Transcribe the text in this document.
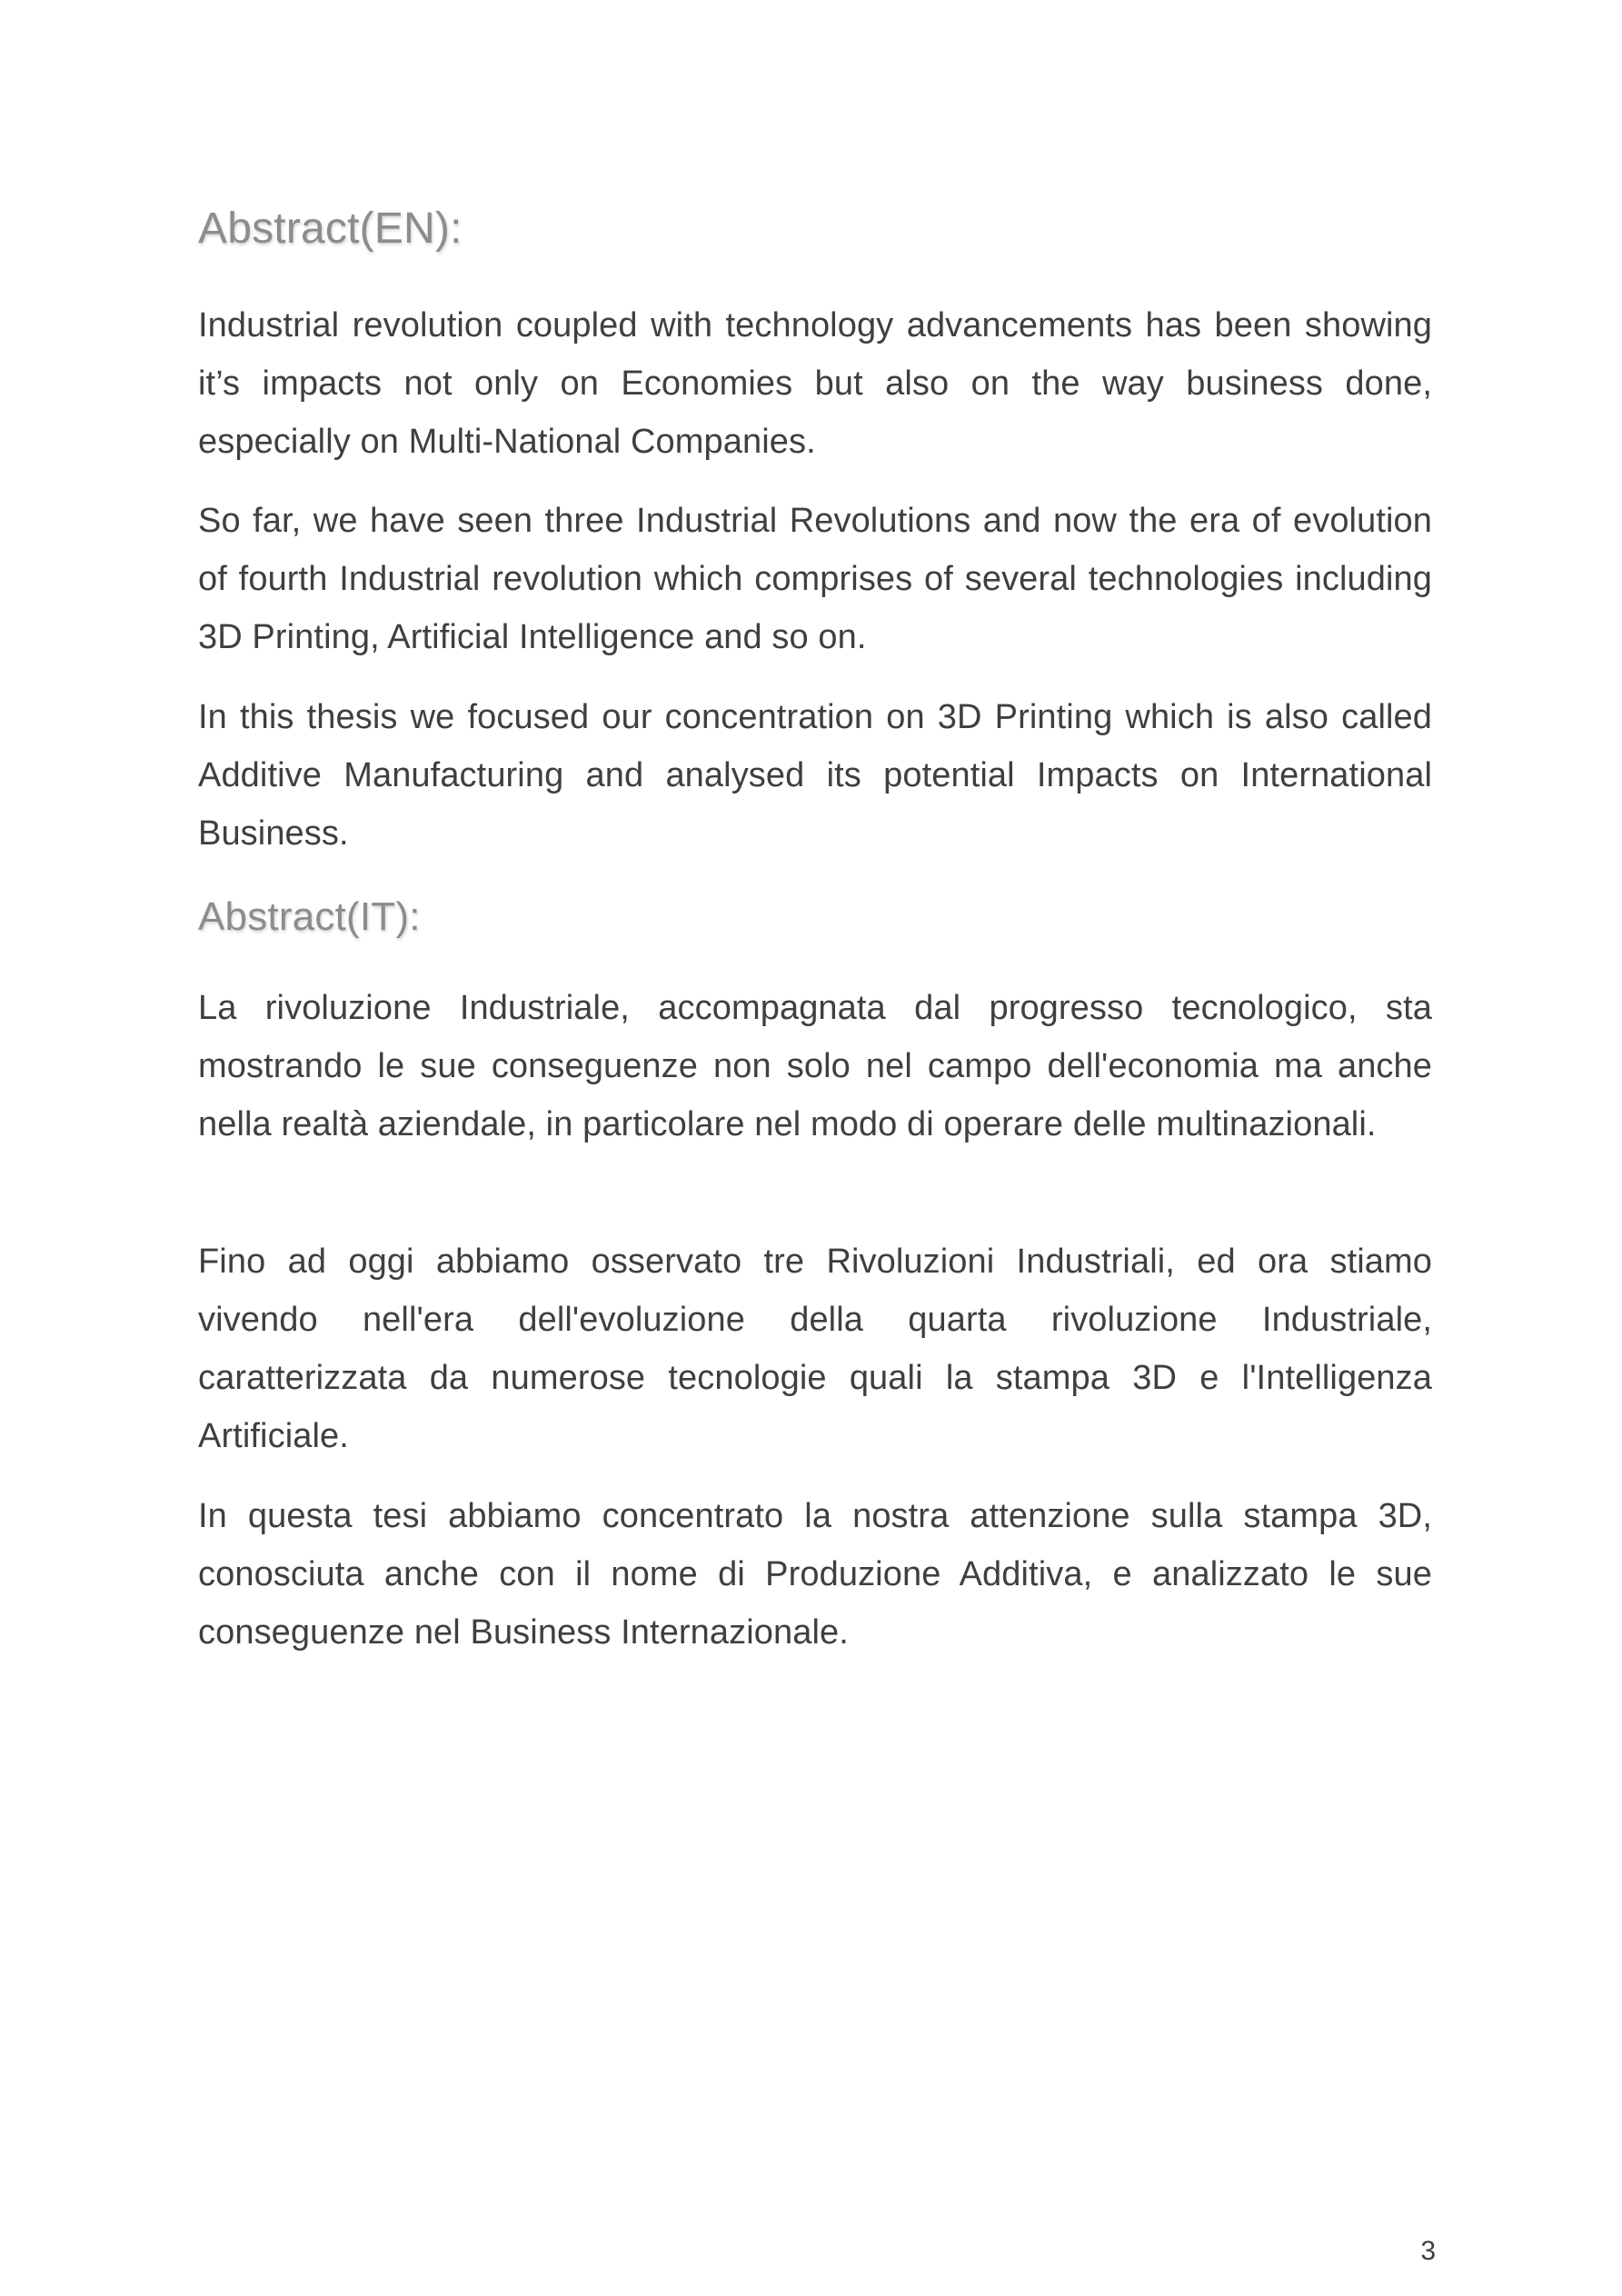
Abstract(EN):

Industrial revolution coupled with technology advancements has been showing it’s impacts not only on Economies but also on the way business done, especially on Multi-National Companies.

So far, we have seen three Industrial Revolutions and now the era of evolution of fourth Industrial revolution which comprises of several technologies including 3D Printing, Artificial Intelligence and so on.

In this thesis we focused our concentration on 3D Printing which is also called Additive Manufacturing and analysed its potential Impacts on International Business.

Abstract(IT):

La rivoluzione Industriale, accompagnata dal progresso tecnologico, sta mostrando le sue conseguenze non solo nel campo dell'economia ma anche nella realtà aziendale, in particolare nel modo di operare delle multinazionali.

Fino ad oggi abbiamo osservato tre Rivoluzioni Industriali, ed ora stiamo vivendo nell'era dell'evoluzione della quarta rivoluzione Industriale, caratterizzata da numerose tecnologie quali la stampa 3D e l'Intelligenza Artificiale.

In questa tesi abbiamo concentrato la nostra attenzione sulla stampa 3D, conosciuta anche con il nome di Produzione Additiva, e analizzato le sue conseguenze nel Business Internazionale.

3
